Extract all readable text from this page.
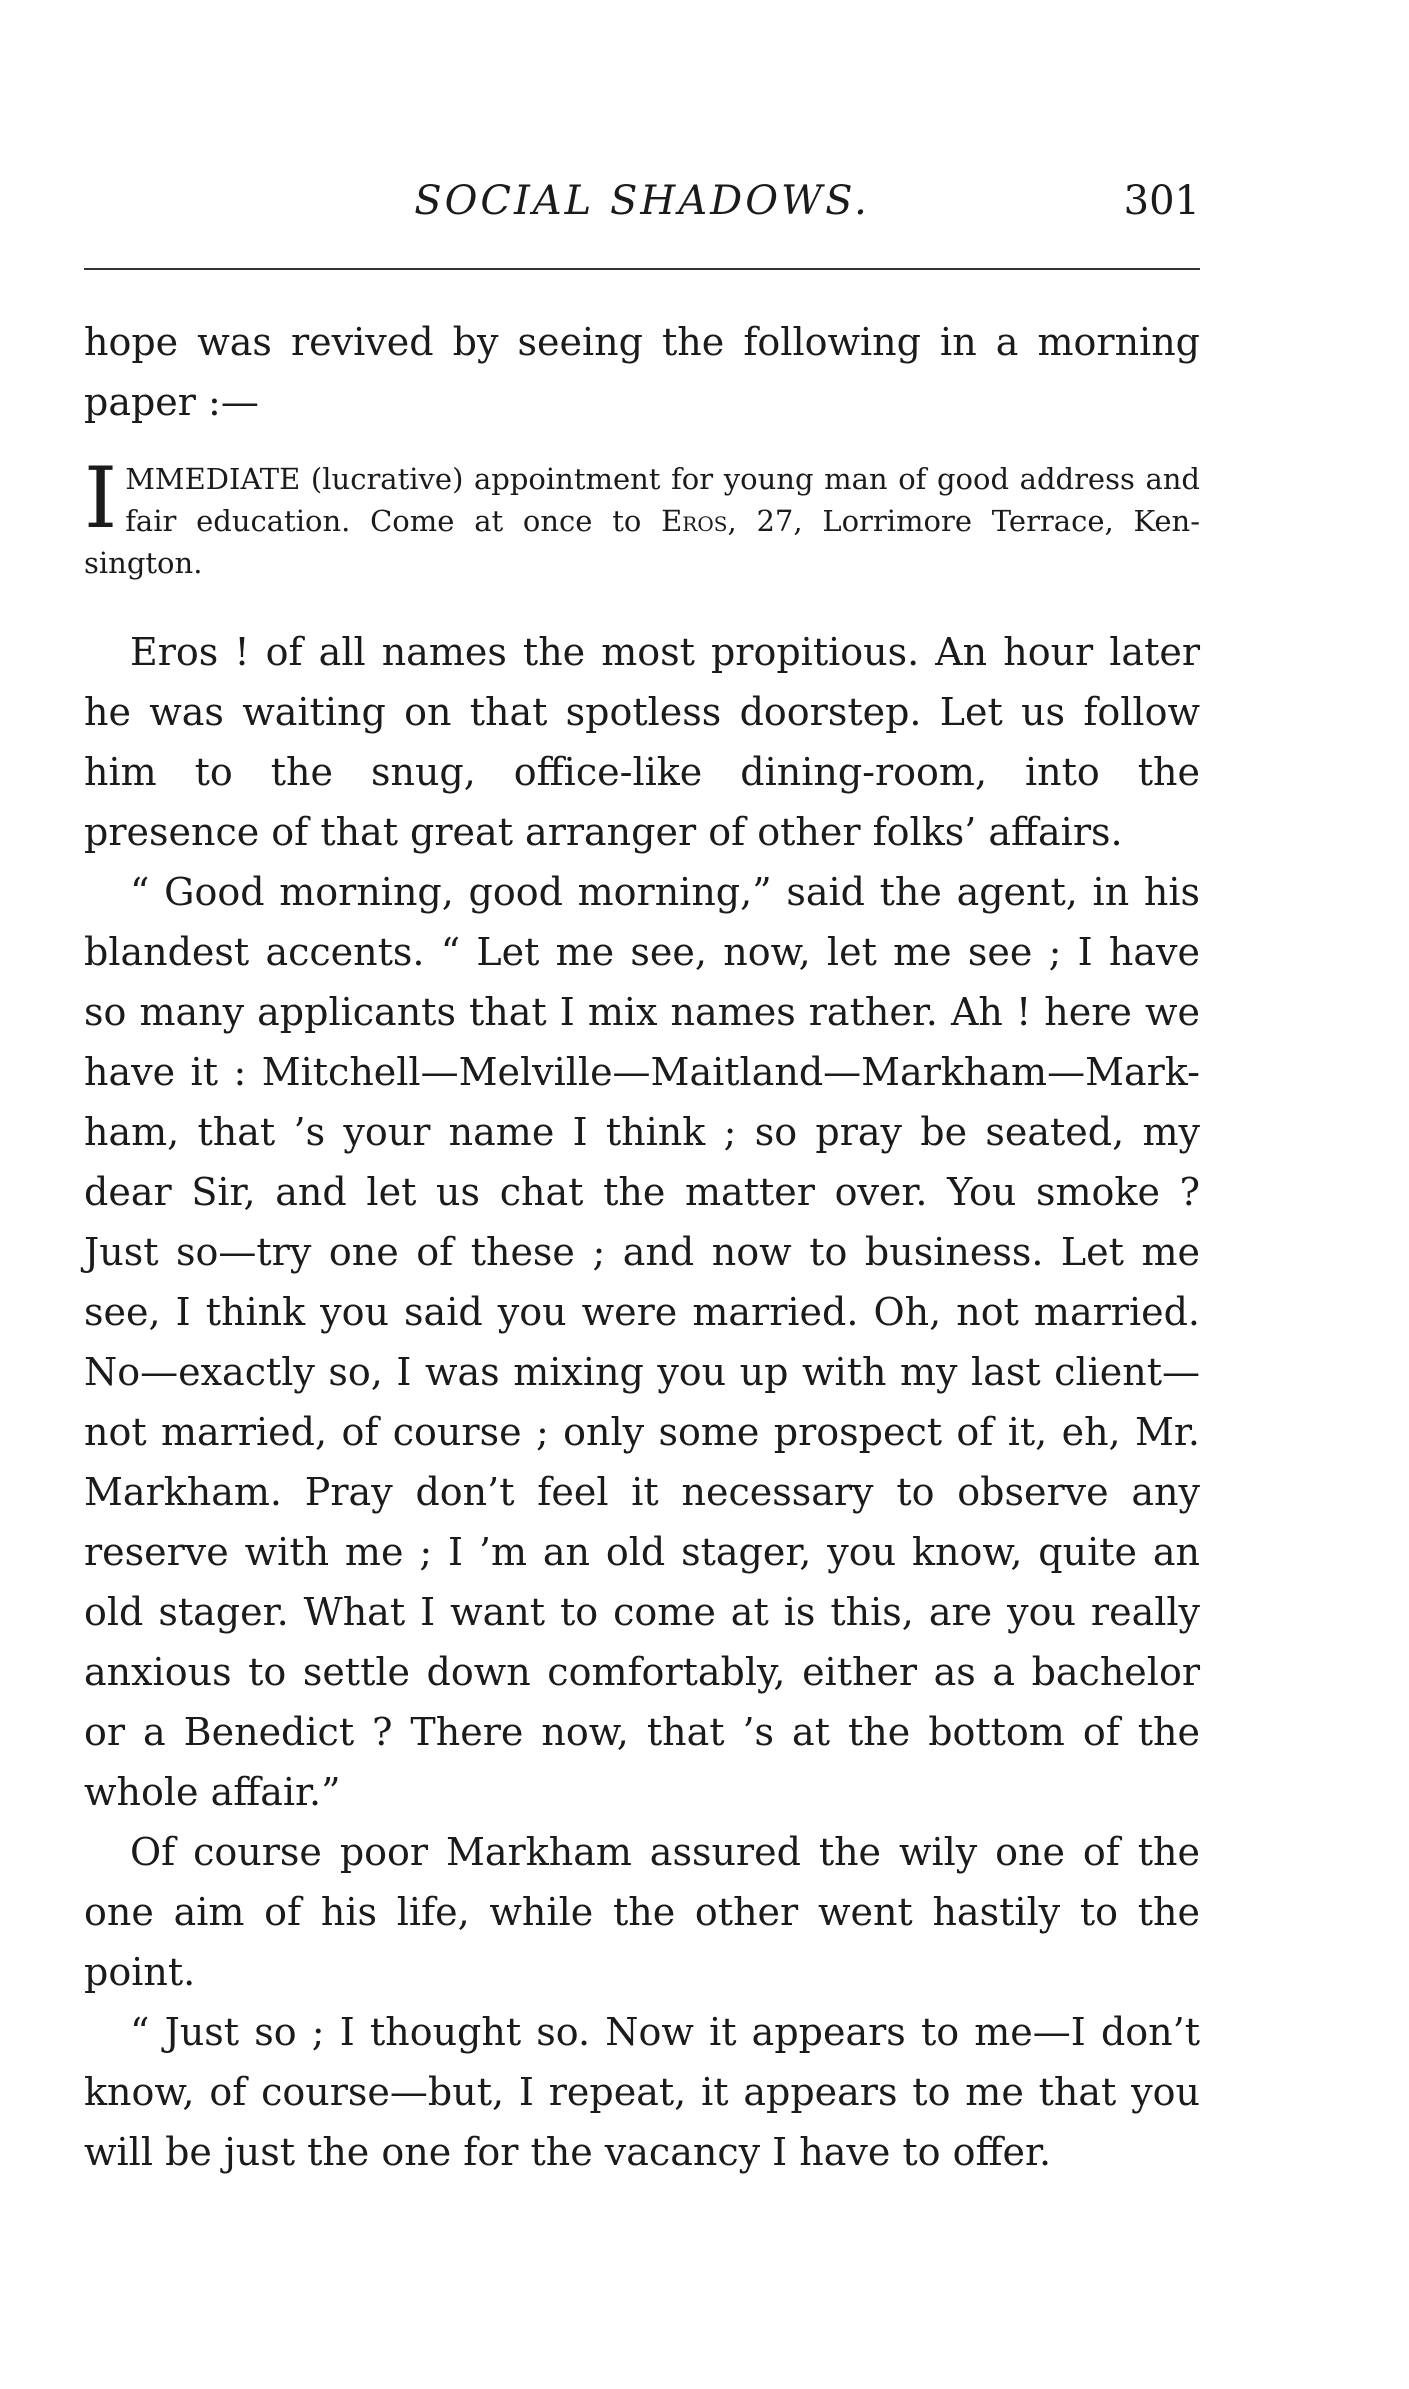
SOCIAL SHADOWS.	301

hope was revived by seeing the following in a morning paper :—

IMMEDIATE (lucrative) appointment for young man of good address and fair education. Come at once to Eros, 27, Lorrimore Terrace, Ken-sington.

Eros ! of all names the most propitious. An hour later he was waiting on that spotless doorstep. Let us follow him to the snug, office-like dining-room, into the presence of that great arranger of other folks’ affairs.

“ Good morning, good morning,” said the agent, in his blandest accents. “ Let me see, now, let me see ; I have so many applicants that I mix names rather. Ah ! here we have it : Mitchell—Melville—Maitland—Markham—Mark-ham, that ’s your name I think ; so pray be seated, my dear Sir, and let us chat the matter over. You smoke ? Just so—try one of these ; and now to business. Let me see, I think you said you were married. Oh, not married. No—exactly so, I was mixing you up with my last client—not married, of course ; only some prospect of it, eh, Mr. Markham. Pray don’t feel it necessary to observe any reserve with me ; I ’m an old stager, you know, quite an old stager. What I want to come at is this, are you really anxious to settle down comfortably, either as a bachelor or a Benedict ? There now, that ’s at the bottom of the whole affair.”

Of course poor Markham assured the wily one of the one aim of his life, while the other went hastily to the point.

“ Just so ; I thought so. Now it appears to me—I don’t know, of course—but, I repeat, it appears to me that you will be just the one for the vacancy I have to offer.
